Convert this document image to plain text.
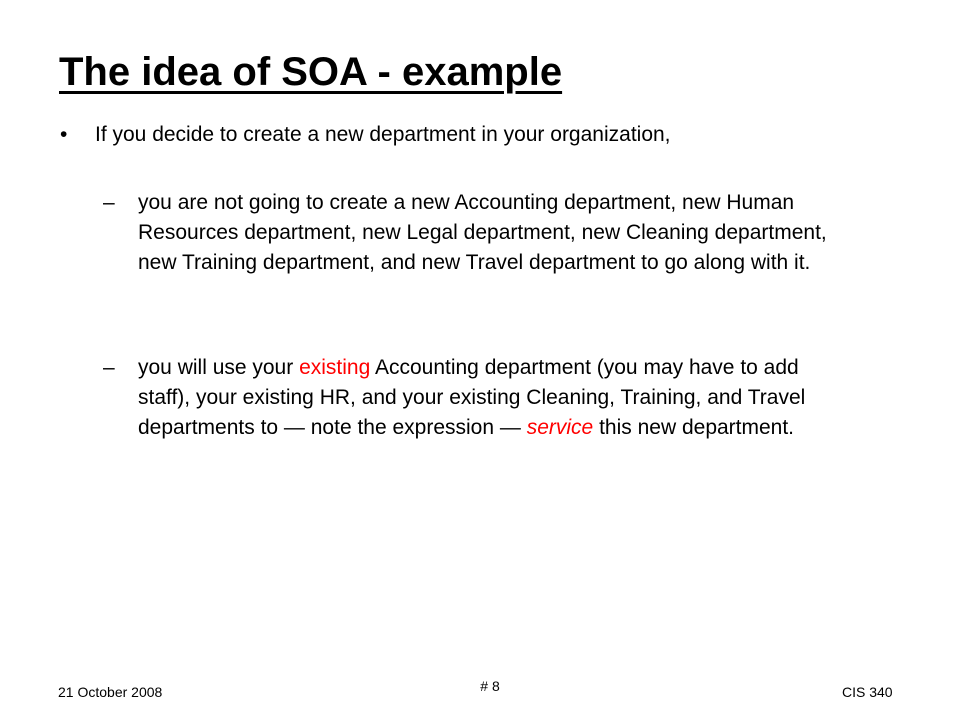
The idea of SOA - example
• If you decide to create a new department in your organization,
– you are not going to create a new Accounting department, new Human Resources department, new Legal department, new Cleaning department, new Training department, and new Travel department to go along with it.
– you will use your existing Accounting department (you may have to add staff), your existing HR, and your existing Cleaning, Training, and Travel departments to — note the expression — service this new department.
21 October 2008	# 8	CIS 340
